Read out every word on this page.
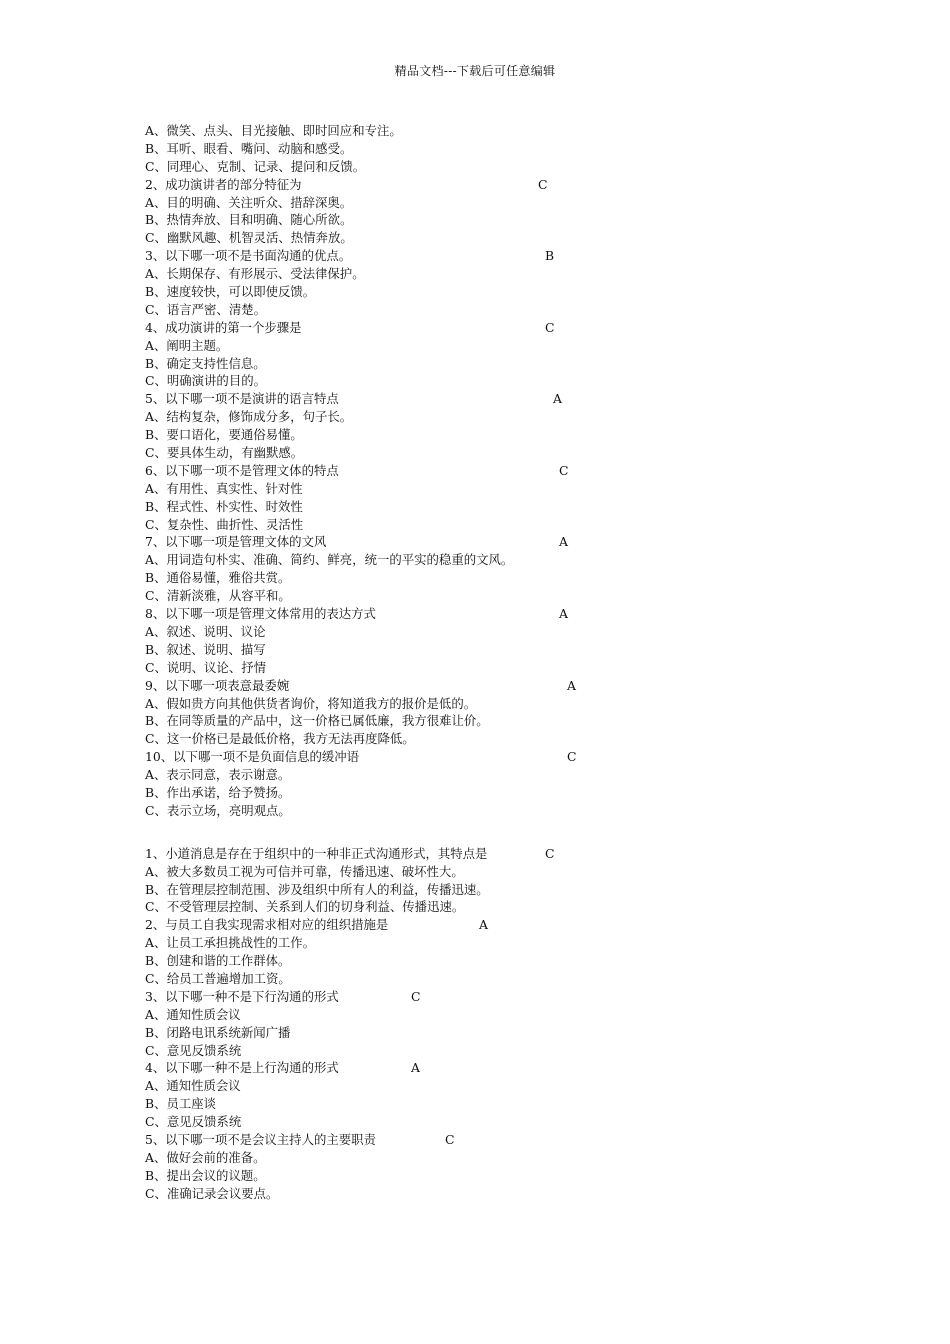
精品文档---下载后可任意编辑
A、微笑、点头、目光接触、即时回应和专注。
B、耳听、眼看、嘴问、动脑和感受。
C、同理心、克制、记录、提问和反馈。
2、成功演讲者的部分特征为	C
A、目的明确、关注听众、措辞深奥。
B、热情奔放、目和明确、随心所欲。
C、幽默风趣、机智灵活、热情奔放。
3、以下哪一项不是书面沟通的优点。	B
A、长期保存、有形展示、受法律保护。
B、速度较快，可以即使反馈。
C、语言严密、清楚。
4、成功演讲的第一个步骤是	C
A、阐明主题。
B、确定支持性信息。
C、明确演讲的目的。
5、以下哪一项不是演讲的语言特点	A
A、结构复杂，修饰成分多，句子长。
B、要口语化，要通俗易懂。
C、要具体生动，有幽默感。
6、以下哪一项不是管理文体的特点	C
A、有用性、真实性、针对性
B、程式性、朴实性、时效性
C、复杂性、曲折性、灵活性
7、以下哪一项是管理文体的文风	A
A、用词造句朴实、准确、简约、鲜亮，统一的平实的稳重的文风。
B、通俗易懂，雅俗共赏。
C、清新淡雅，从容平和。
8、以下哪一项是管理文体常用的表达方式	A
A、叙述、说明、议论
B、叙述、说明、描写
C、说明、议论、抒情
9、以下哪一项表意最委婉	A
A、假如贵方向其他供货者询价，将知道我方的报价是低的。
B、在同等质量的产品中，这一价格已属低廉，我方很难让价。
C、这一价格已是最低价格，我方无法再度降低。
10、以下哪一项不是负面信息的缓冲语	C
A、表示同意，表示谢意。
B、作出承诺，给予赞扬。
C、表示立场，亮明观点。
1、小道消息是存在于组织中的一种非正式沟通形式，其特点是	C
A、被大多数员工视为可信并可靠，传播迅速、破坏性大。
B、在管理层控制范围、涉及组织中所有人的利益，传播迅速。
C、不受管理层控制、关系到人们的切身利益、传播迅速。
2、与员工自我实现需求相对应的组织措施是	A
A、让员工承担挑战性的工作。
B、创建和谐的工作群体。
C、给员工普遍增加工资。
3、以下哪一种不是下行沟通的形式	C
A、通知性质会议
B、闭路电讯系统新闻广播
C、意见反馈系统
4、以下哪一种不是上行沟通的形式	A
A、通知性质会议
B、员工座谈
C、意见反馈系统
5、以下哪一项不是会议主持人的主要职责	C
A、做好会前的准备。
B、提出会议的议题。
C、准确记录会议要点。
